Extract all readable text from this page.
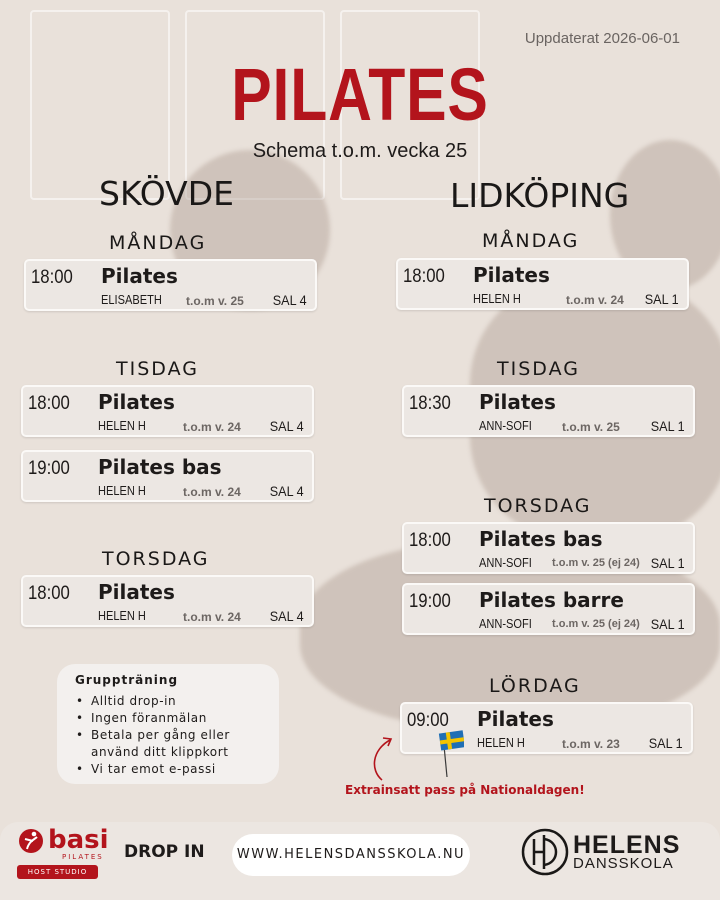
Uppdaterat 2026-06-01
PILATES
Schema t.o.m. vecka 25
SKÖVDE
MÅNDAG
18:00 Pilates
ELISABETH t.o.m v. 25 SAL 4
TISDAG
18:00 Pilates
HELEN H	t.o.m v. 24 SAL 4
19:00 Pilates bas
HELEN H	t.o.m v. 24 SAL 4
TORSDAG
18:00 Pilates
HELEN H	t.o.m v. 24 SAL 4
LIDKÖPING
MÅNDAG
18:00 Pilates
HELEN H	t.o.m v. 24 SAL 1
TISDAG
18:30 Pilates
ANN-SOFI	t.o.m v. 25 SAL 1
TORSDAG
18:00 Pilates bas
ANN-SOFI t.o.m v. 25 (ej 24) SAL 1
19:00 Pilates barre
ANN-SOFI t.o.m v. 25 (ej 24) SAL 1
LÖRDAG
09:00 Pilates
HELEN H	t.o.m v. 23 SAL 1
Extrainsatt pass på Nationaldagen!
Gruppträning
• Alltid drop-in
• Ingen föranmälan
• Betala per gång eller använd ditt klippkort
• Vi tar emot e-passi
basi
PILATES
HOST STUDIO
DROP IN	WWW.HELENSDANSSKOLA.NU	HELENS
DANSSKOLA
